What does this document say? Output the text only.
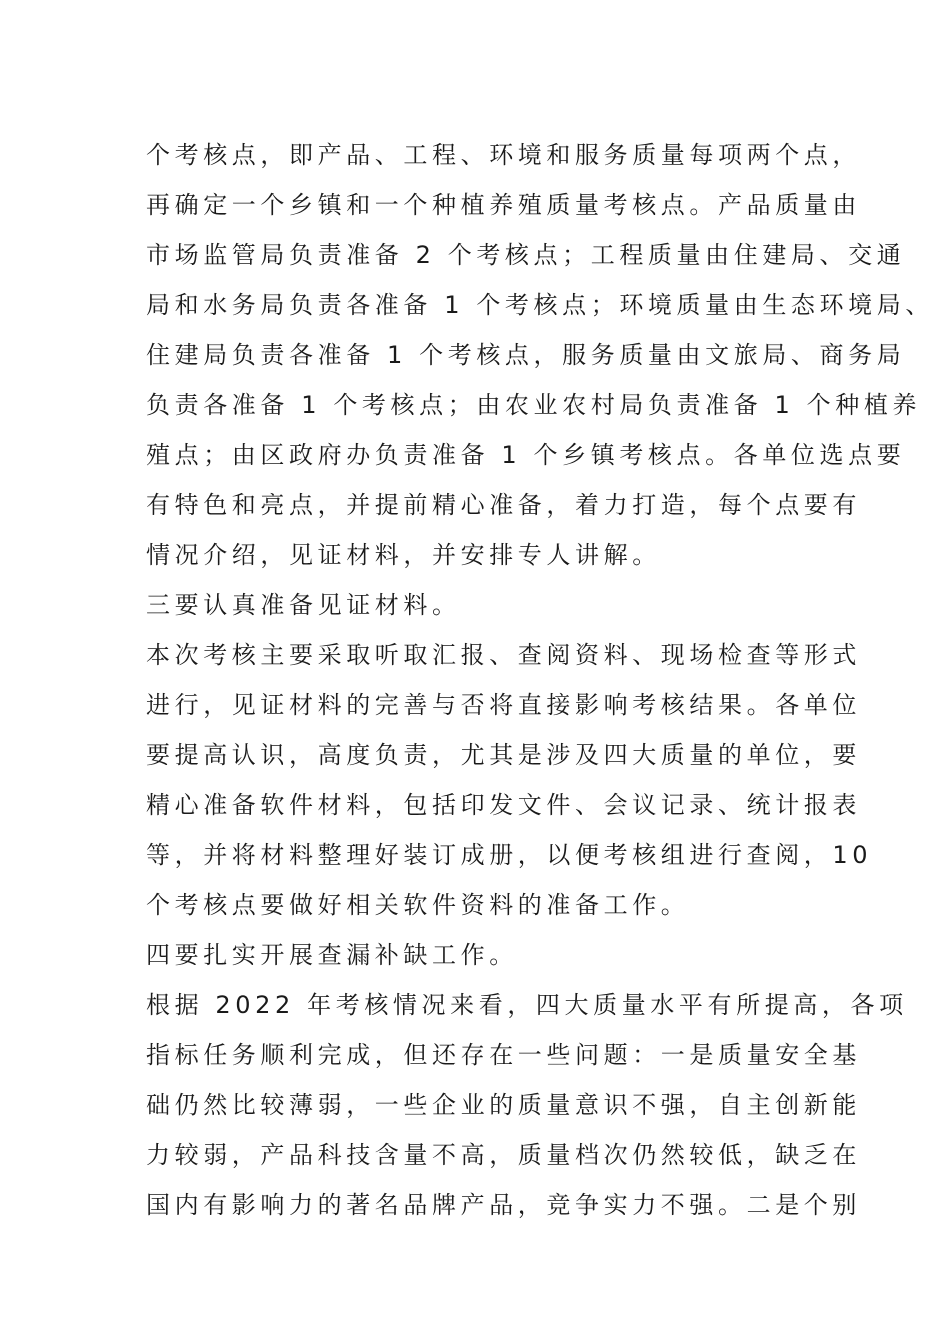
个考核点，即产品、工程、环境和服务质量每项两个点，
再确定一个乡镇和一个种植养殖质量考核点。产品质量由
市场监管局负责准备 2 个考核点；工程质量由住建局、交通
局和水务局负责各准备 1 个考核点；环境质量由生态环境局、
住建局负责各准备 1 个考核点，服务质量由文旅局、商务局
负责各准备 1 个考核点；由农业农村局负责准备 1 个种植养
殖点；由区政府办负责准备 1 个乡镇考核点。各单位选点要
有特色和亮点，并提前精心准备，着力打造，每个点要有
情况介绍，见证材料，并安排专人讲解。
三要认真准备见证材料。
本次考核主要采取听取汇报、查阅资料、现场检查等形式
进行，见证材料的完善与否将直接影响考核结果。各单位
要提高认识，高度负责，尤其是涉及四大质量的单位，要
精心准备软件材料，包括印发文件、会议记录、统计报表
等，并将材料整理好装订成册，以便考核组进行查阅，10
个考核点要做好相关软件资料的准备工作。
四要扎实开展查漏补缺工作。
根据 2022 年考核情况来看，四大质量水平有所提高，各项
指标任务顺利完成，但还存在一些问题：一是质量安全基
础仍然比较薄弱，一些企业的质量意识不强，自主创新能
力较弱，产品科技含量不高，质量档次仍然较低，缺乏在
国内有影响力的著名品牌产品，竞争实力不强。二是个别
